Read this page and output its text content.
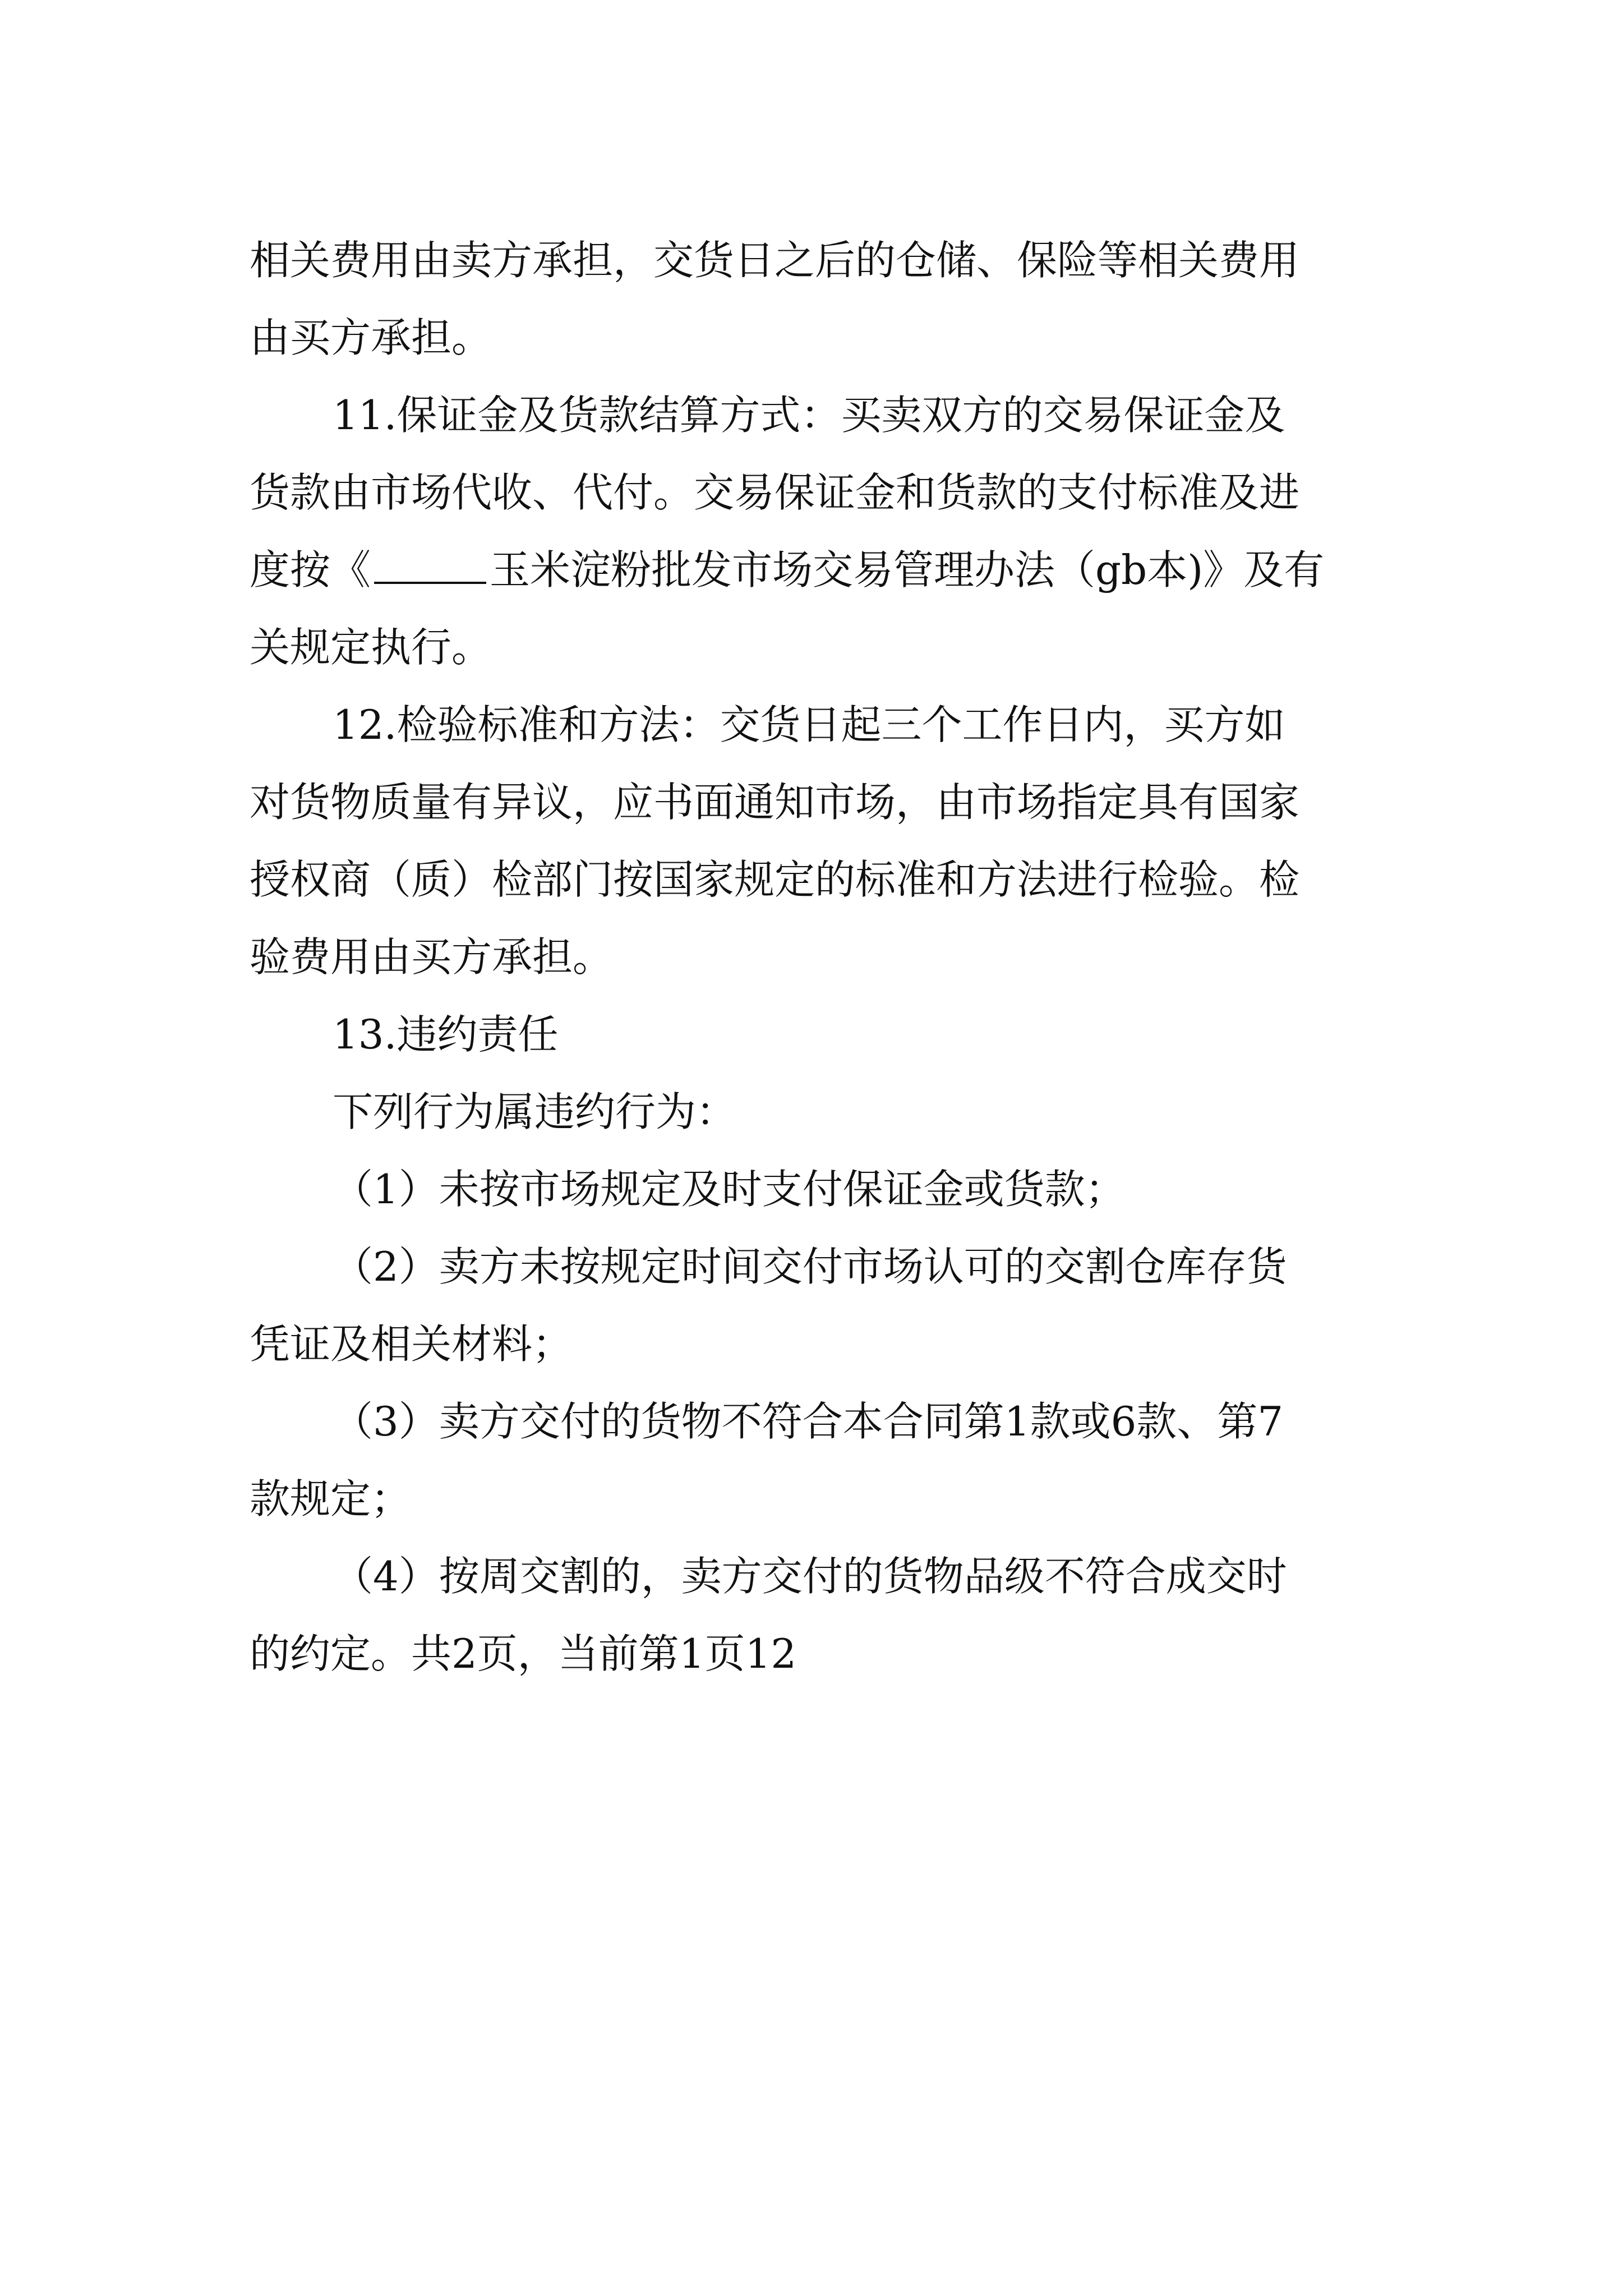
相关费用由卖方承担，交货日之后的仓储、保险等相关费用
由买方承担。

11.保证金及货款结算方式：买卖双方的交易保证金及
货款由市场代收、代付。交易保证金和货款的支付标准及进
度按《	玉米淀粉批发市场交易管理办法（gb本)》及有
关规定执行。

12.检验标准和方法：交货日起三个工作日内，买方如
对货物质量有异议，应书面通知市场，由市场指定具有国家
授权商（质）检部门按国家规定的标准和方法进行检验。检
验费用由买方承担。

13.违约责任

下列行为属违约行为：

（1）未按市场规定及时支付保证金或货款；

（2）卖方未按规定时间交付市场认可的交割仓库存货
凭证及相关材料；

（3）卖方交付的货物不符合本合同第1款或6款、第7
款规定；

（4）按周交割的，卖方交付的货物品级不符合成交时
的约定。共2页，当前第1页12
